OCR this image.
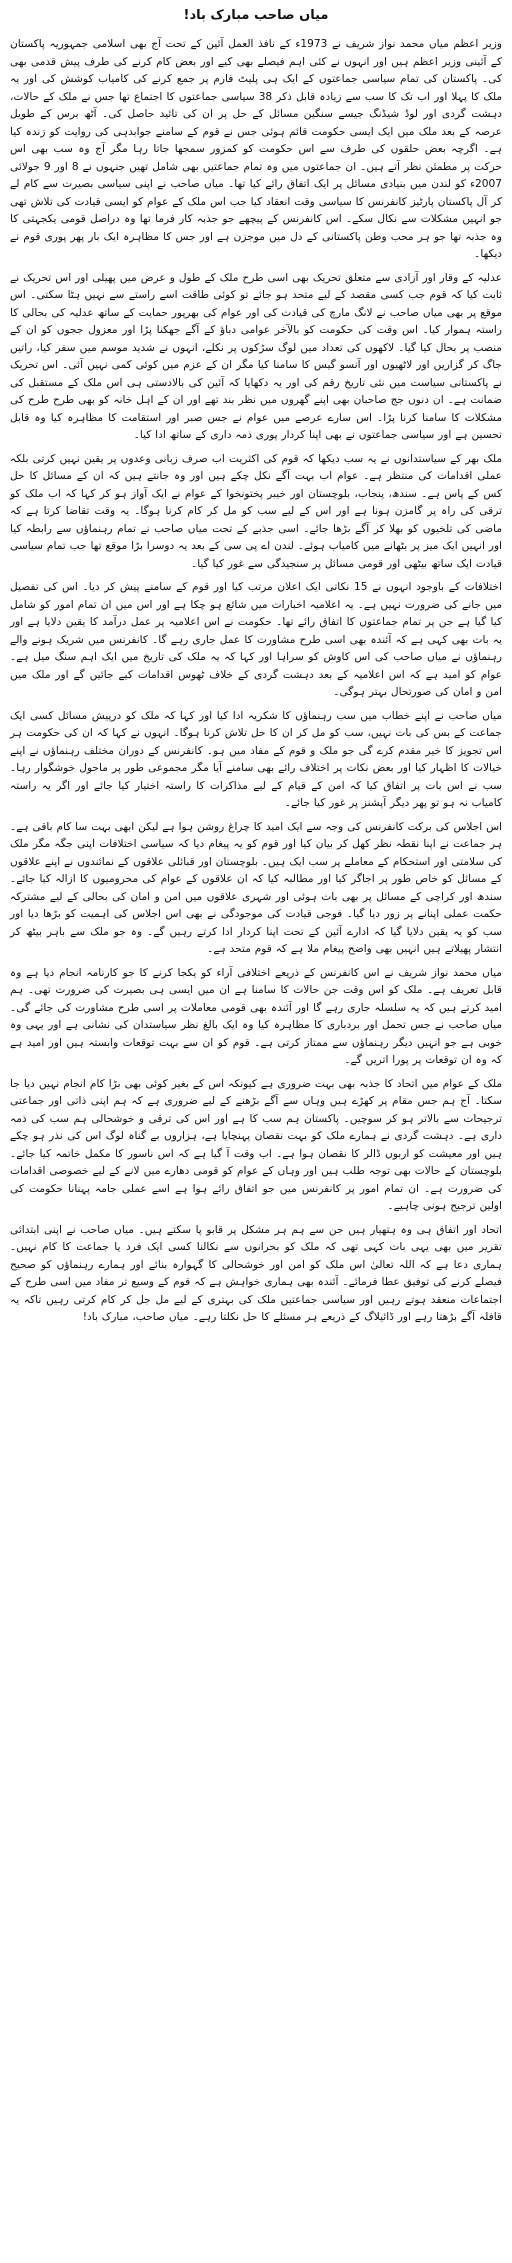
میاں صاحب مبارک باد!

وزیر اعظم میاں محمد نواز شریف نے 1973ء کے نافذ العمل آئین کے تحت آج بھی اسلامی جمہوریہ پاکستان کے آئینی وزیر اعظم ہیں اور انہوں نے کئی اہم فیصلے بھی کیے اور بعض کام کرنے کی طرف پیش قدمی بھی کی۔ پاکستان کی تمام سیاسی جماعتوں کے ایک ہی پلیٹ فارم پر جمع کرنے کی کامیاب کوشش کی اور یہ ملک کا پہلا اور اب تک کا سب سے زیادہ قابل ذکر 38 سیاسی جماعتوں کا اجتماع تھا جس نے ملک کے حالات، دہشت گردی اور لوڈ شیڈنگ جیسے سنگین مسائل کے حل پر ان کی تائید حاصل کی۔ آٹھ برس کے طویل عرصہ کے بعد ملک میں ایک ایسی حکومت قائم ہوئی جس نے قوم کے سامنے جوابدہی کی روایت کو زندہ کیا ہے۔ اگرچہ بعض حلقوں کی طرف سے اس حکومت کو کمزور سمجھا جاتا رہا مگر آج وہ سب بھی اس حرکت پر مطمئن نظر آتے ہیں۔ ان جماعتوں میں وہ تمام جماعتیں بھی شامل تھیں جنہوں نے 8 اور 9 جولائی 2007ء کو لندن میں بنیادی مسائل پر ایک اتفاق رائے کیا تھا۔ میاں صاحب نے اپنی سیاسی بصیرت سے کام لے کر آل پاکستان پارٹیز کانفرنس کا سیاسی وقت انعقاد کیا جب اس ملک کے عوام کو ایسی قیادت کی تلاش تھی جو انہیں مشکلات سے نکال سکے۔ اس کانفرنس کے پیچھے جو جذبہ کار فرما تھا وہ دراصل قومی یکجہتی کا وہ جذبہ تھا جو ہر محب وطن پاکستانی کے دل میں موجزن ہے اور جس کا مظاہرہ ایک بار پھر پوری قوم نے دیکھا۔

عدلیہ کے وقار اور آزادی سے متعلق تحریک بھی اسی طرح ملک کے طول و عرض میں پھیلی اور اس تحریک نے ثابت کیا کہ قوم جب کسی مقصد کے لیے متحد ہو جائے تو کوئی طاقت اسے راستے سے نہیں ہٹا سکتی۔ اس موقع پر بھی میاں صاحب نے لانگ مارچ کی قیادت کی اور عوام کی بھرپور حمایت کے ساتھ عدلیہ کی بحالی کا راستہ ہموار کیا۔ اس وقت کی حکومت کو بالآخر عوامی دباؤ کے آگے جھکنا پڑا اور معزول ججوں کو ان کے منصب پر بحال کیا گیا۔ لاکھوں کی تعداد میں لوگ سڑکوں پر نکلے، انہوں نے شدید موسم میں سفر کیا، راتیں جاگ کر گزاریں اور لاٹھیوں اور آنسو گیس کا سامنا کیا مگر ان کے عزم میں کوئی کمی نہیں آئی۔ اس تحریک نے پاکستانی سیاست میں نئی تاریخ رقم کی اور یہ دکھایا کہ آئین کی بالادستی ہی اس ملک کے مستقبل کی ضمانت ہے۔ ان دنوں جج صاحبان بھی اپنے گھروں میں نظر بند تھے اور ان کے اہل خانہ کو بھی طرح طرح کی مشکلات کا سامنا کرنا پڑا۔ اس سارے عرصے میں عوام نے جس صبر اور استقامت کا مظاہرہ کیا وہ قابل تحسین ہے اور سیاسی جماعتوں نے بھی اپنا کردار پوری ذمہ داری کے ساتھ ادا کیا۔

ملک بھر کے سیاستدانوں نے یہ سب دیکھا کہ قوم کی اکثریت اب صرف زبانی وعدوں پر یقین نہیں کرتی بلکہ عملی اقدامات کی منتظر ہے۔ عوام اب بہت آگے نکل چکے ہیں اور وہ جانتے ہیں کہ ان کے مسائل کا حل کس کے پاس ہے۔ سندھ، پنجاب، بلوچستان اور خیبر پختونخوا کے عوام نے ایک آواز ہو کر کہا کہ اب ملک کو ترقی کی راہ پر گامزن ہونا ہے اور اس کے لیے سب کو مل کر کام کرنا ہوگا۔ یہ وقت تقاضا کرتا ہے کہ ماضی کی تلخیوں کو بھلا کر آگے بڑھا جائے۔ اسی جذبے کے تحت میاں صاحب نے تمام رہنماؤں سے رابطہ کیا اور انہیں ایک میز پر بٹھانے میں کامیاب ہوئے۔ لندن اے پی سی کے بعد یہ دوسرا بڑا موقع تھا جب تمام سیاسی قیادت ایک ساتھ بیٹھی اور قومی مسائل پر سنجیدگی سے غور کیا گیا۔

اختلافات کے باوجود انہوں نے 15 نکاتی ایک اعلان مرتب کیا اور قوم کے سامنے پیش کر دیا۔ اس کی تفصیل میں جانے کی ضرورت نہیں ہے۔ یہ اعلامیہ اخبارات میں شائع ہو چکا ہے اور اس میں ان تمام امور کو شامل کیا گیا ہے جن پر تمام جماعتوں کا اتفاق رائے تھا۔ حکومت نے اس اعلامیہ پر عمل درآمد کا یقین دلایا ہے اور یہ بات بھی کہی ہے کہ آئندہ بھی اسی طرح مشاورت کا عمل جاری رہے گا۔ کانفرنس میں شریک ہونے والے رہنماؤں نے میاں صاحب کی اس کاوش کو سراہا اور کہا کہ یہ ملک کی تاریخ میں ایک اہم سنگ میل ہے۔ عوام کو امید ہے کہ اس اعلامیہ کے بعد دہشت گردی کے خلاف ٹھوس اقدامات کیے جائیں گے اور ملک میں امن و امان کی صورتحال بہتر ہوگی۔

میاں صاحب نے اپنے خطاب میں سب رہنماؤں کا شکریہ ادا کیا اور کہا کہ ملک کو درپیش مسائل کسی ایک جماعت کے بس کی بات نہیں، سب کو مل کر ان کا حل تلاش کرنا ہوگا۔ انہوں نے کہا کہ ان کی حکومت ہر اس تجویز کا خیر مقدم کرے گی جو ملک و قوم کے مفاد میں ہو۔ کانفرنس کے دوران مختلف رہنماؤں نے اپنے خیالات کا اظہار کیا اور بعض نکات پر اختلاف رائے بھی سامنے آیا مگر مجموعی طور پر ماحول خوشگوار رہا۔ سب نے اس بات پر اتفاق کیا کہ امن کے قیام کے لیے مذاکرات کا راستہ اختیار کیا جائے اور اگر یہ راستہ کامیاب نہ ہو تو پھر دیگر آپشنز پر غور کیا جائے۔

اس اجلاس کی برکت کانفرنس کی وجہ سے ایک امید کا چراغ روشن ہوا ہے لیکن ابھی بہت سا کام باقی ہے۔ ہر جماعت نے اپنا نقطہ نظر کھل کر بیان کیا اور قوم کو یہ پیغام دیا کہ سیاسی اختلافات اپنی جگہ مگر ملک کی سلامتی اور استحکام کے معاملے پر سب ایک ہیں۔ بلوچستان اور قبائلی علاقوں کے نمائندوں نے اپنے علاقوں کے مسائل کو خاص طور پر اجاگر کیا اور مطالبہ کیا کہ ان علاقوں کے عوام کی محرومیوں کا ازالہ کیا جائے۔ سندھ اور کراچی کے مسائل پر بھی بات ہوئی اور شہری علاقوں میں امن و امان کی بحالی کے لیے مشترکہ حکمت عملی اپنانے پر زور دیا گیا۔ فوجی قیادت کی موجودگی نے بھی اس اجلاس کی اہمیت کو بڑھا دیا اور سب کو یہ یقین دلایا گیا کہ ادارے آئین کے تحت اپنا کردار ادا کرتے رہیں گے۔ وہ جو ملک سے باہر بیٹھ کر انتشار پھیلاتے ہیں انہیں بھی واضح پیغام ملا ہے کہ قوم متحد ہے۔

میاں محمد نواز شریف نے اس کانفرنس کے ذریعے اختلافی آراء کو یکجا کرنے کا جو کارنامہ انجام دیا ہے وہ قابل تعریف ہے۔ ملک کو اس وقت جن حالات کا سامنا ہے ان میں ایسی ہی بصیرت کی ضرورت تھی۔ ہم امید کرتے ہیں کہ یہ سلسلہ جاری رہے گا اور آئندہ بھی قومی معاملات پر اسی طرح مشاورت کی جائے گی۔ میاں صاحب نے جس تحمل اور بردباری کا مظاہرہ کیا وہ ایک بالغ نظر سیاستدان کی نشانی ہے اور یہی وہ خوبی ہے جو انہیں دیگر رہنماؤں سے ممتاز کرتی ہے۔ قوم کو ان سے بہت توقعات وابستہ ہیں اور امید ہے کہ وہ ان توقعات پر پورا اتریں گے۔

ملک کے عوام میں اتحاد کا جذبہ بھی بہت ضروری ہے کیونکہ اس کے بغیر کوئی بھی بڑا کام انجام نہیں دیا جا سکتا۔ آج ہم جس مقام پر کھڑے ہیں وہاں سے آگے بڑھنے کے لیے ضروری ہے کہ ہم اپنی ذاتی اور جماعتی ترجیحات سے بالاتر ہو کر سوچیں۔ پاکستان ہم سب کا ہے اور اس کی ترقی و خوشحالی ہم سب کی ذمہ داری ہے۔ دہشت گردی نے ہمارے ملک کو بہت نقصان پہنچایا ہے، ہزاروں بے گناہ لوگ اس کی نذر ہو چکے ہیں اور معیشت کو اربوں ڈالر کا نقصان ہوا ہے۔ اب وقت آ گیا ہے کہ اس ناسور کا مکمل خاتمہ کیا جائے۔ بلوچستان کے حالات بھی توجہ طلب ہیں اور وہاں کے عوام کو قومی دھارے میں لانے کے لیے خصوصی اقدامات کی ضرورت ہے۔ ان تمام امور پر کانفرنس میں جو اتفاق رائے ہوا ہے اسے عملی جامہ پہنانا حکومت کی اولین ترجیح ہونی چاہیے۔

اتحاد اور اتفاق ہی وہ ہتھیار ہیں جن سے ہم ہر مشکل پر قابو پا سکتے ہیں۔ میاں صاحب نے اپنی ابتدائی تقریر میں بھی یہی بات کہی تھی کہ ملک کو بحرانوں سے نکالنا کسی ایک فرد یا جماعت کا کام نہیں۔ ہماری دعا ہے کہ اللہ تعالیٰ اس ملک کو امن اور خوشحالی کا گہوارہ بنائے اور ہمارے رہنماؤں کو صحیح فیصلے کرنے کی توفیق عطا فرمائے۔ آئندہ بھی ہماری خواہش ہے کہ قوم کے وسیع تر مفاد میں اسی طرح کے اجتماعات منعقد ہوتے رہیں اور سیاسی جماعتیں ملک کی بہتری کے لیے مل جل کر کام کرتی رہیں تاکہ یہ قافلہ آگے بڑھتا رہے اور ڈائیلاگ کے ذریعے ہر مسئلے کا حل نکلتا رہے۔ میاں صاحب، مبارک باد!
